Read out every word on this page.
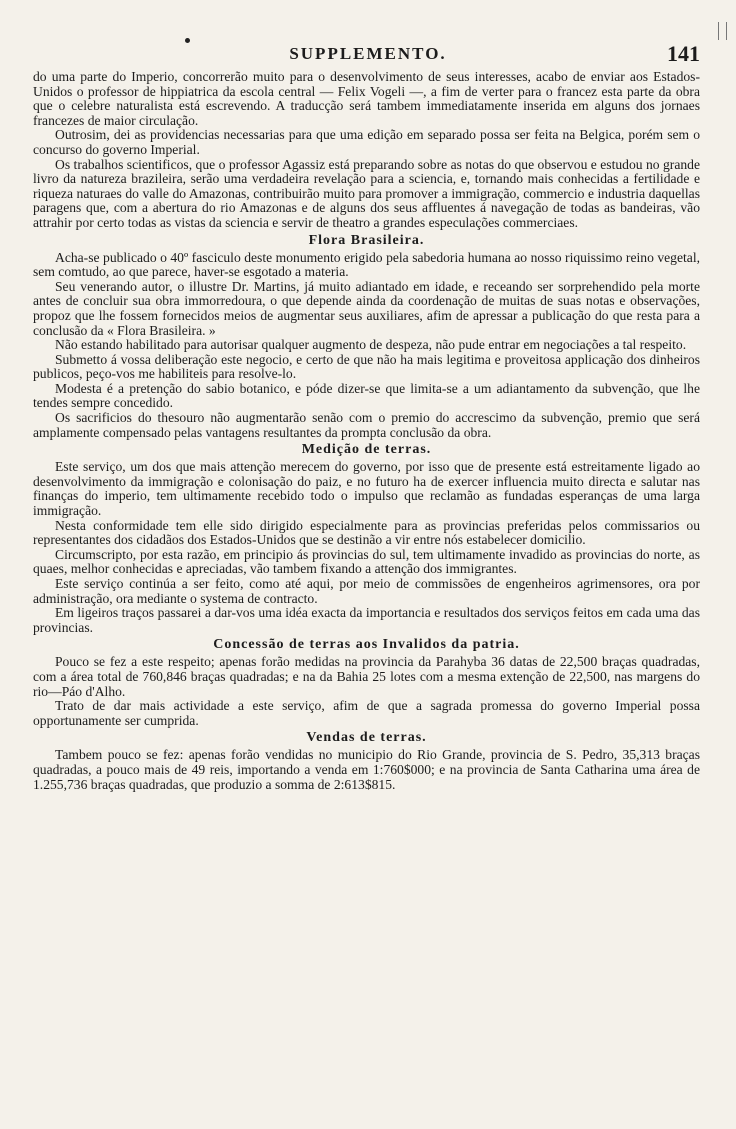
SUPPLEMENTO.	141

do uma parte do Imperio, concorrerão muito para o desenvolvimento de seus interesses, acabo de enviar aos Estados-Unidos o professor de hippiatrica da escola central — Felix Vogeli —, a fim de verter para o francez esta parte da obra que o celebre naturalista está escrevendo. A traducção será tambem immediatamente inserida em alguns dos jornaes francezes de maior circulação.

Outrosim, dei as providencias necessarias para que uma edição em separado possa ser feita na Belgica, porém sem o concurso do governo Imperial.

Os trabalhos scientificos, que o professor Agassiz está preparando sobre as notas do que observou e estudou no grande livro da natureza brazileira, serão uma verdadeira revelação para a sciencia, e, tornando mais conhecidas a fertilidade e riqueza naturaes do valle do Amazonas, contribuirão muito para promover a immigração, commercio e industria daquellas paragens que, com a abertura do rio Amazonas e de alguns dos seus affluentes á navegação de todas as bandeiras, vão attrahir por certo todas as vistas da sciencia e servir de theatro a grandes especulações commerciaes.

Flora Brasileira.

Acha-se publicado o 40º fasciculo deste monumento erigido pela sabedoria humana ao nosso riquissimo reino vegetal, sem comtudo, ao que parece, haver-se esgotado a materia.

Seu venerando autor, o illustre Dr. Martins, já muito adiantado em idade, e receando ser sorprehendido pela morte antes de concluir sua obra immorredoura, o que depende ainda da coordenação de muitas de suas notas e observações, propoz que lhe fossem fornecidos meios de augmentar seus auxiliares, afim de apressar a publicação do que resta para a conclusão da « Flora Brasileira. »

Não estando habilitado para autorisar qualquer augmento de despeza, não pude entrar em negociações a tal respeito.

Submetto á vossa deliberação este negocio, e certo de que não ha mais legitima e proveitosa applicação dos dinheiros publicos, peço-vos me habiliteis para resolve-lo.

Modesta é a pretenção do sabio botanico, e póde dizer-se que limita-se a um adiantamento da subvenção, que lhe tendes sempre concedido.

Os sacrificios do thesouro não augmentarão senão com o premio do accrescimo da subvenção, premio que será amplamente compensado pelas vantagens resultantes da prompta conclusão da obra.

Medição de terras.

Este serviço, um dos que mais attenção merecem do governo, por isso que de presente está estreitamente ligado ao desenvolvimento da immigração e colonisação do paiz, e no futuro ha de exercer influencia muito directa e salutar nas finanças do imperio, tem ultimamente recebido todo o impulso que reclamão as fundadas esperanças de uma larga immigração.

Nesta conformidade tem elle sido dirigido especialmente para as provincias preferidas pelos commissarios ou representantes dos cidadãos dos Estados-Unidos que se destinão a vir entre nós estabelecer domicilio.

Circumscripto, por esta razão, em principio ás provincias do sul, tem ultimamente invadido as provincias do norte, as quaes, melhor conhecidas e apreciadas, vão tambem fixando a attenção dos immigrantes.

Este serviço continúa a ser feito, como até aqui, por meio de commissões de engenheiros agrimensores, ora por administração, ora mediante o systema de contracto.

Em ligeiros traços passarei a dar-vos uma idéa exacta da importancia e resultados dos serviços feitos em cada uma das provincias.

Concessão de terras aos Invalidos da patria.

Pouco se fez a este respeito; apenas forão medidas na provincia da Parahyba 36 datas de 22,500 braças quadradas, com a área total de 760,846 braças quadradas; e na da Bahia 25 lotes com a mesma extenção de 22,500, nas margens do rio—Páo d'Alho.

Trato de dar mais actividade a este serviço, afim de que a sagrada promessa do governo Imperial possa opportunamente ser cumprida.

Vendas de terras.

Tambem pouco se fez: apenas forão vendidas no municipio do Rio Grande, provincia de S. Pedro, 35,313 braças quadradas, a pouco mais de 49 reis, importando a venda em 1:760$000; e na provincia de Santa Catharina uma área de 1.255,736 braças quadradas, que produzio a somma de 2:613$815.
